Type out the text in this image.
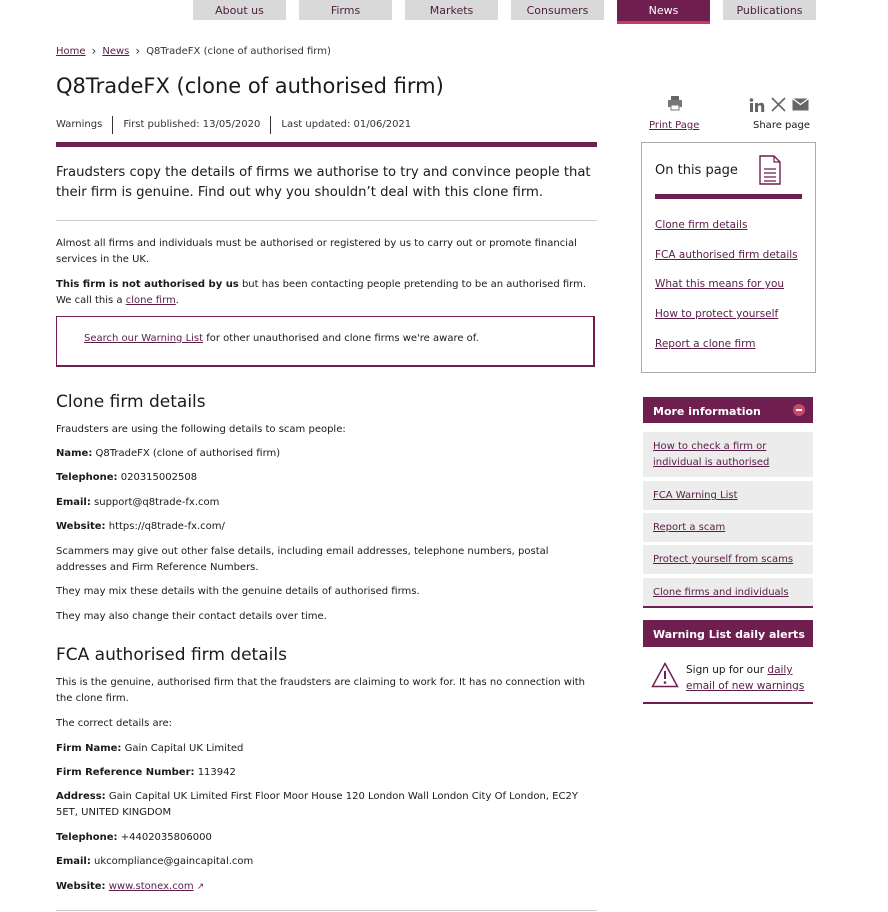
About us	Firms	Markets	Consumers	News	Publications
Home › News › Q8TradeFX (clone of authorised firm)
Q8TradeFX (clone of authorised firm)
Warnings	First published: 13/05/2020	Last updated: 01/06/2021

Fraudsters copy the details of firms we authorise to try and convince people that their firm is genuine. Find out why you shouldn’t deal with this clone firm.

Almost all firms and individuals must be authorised or registered by us to carry out or promote financial services in the UK.

This firm is not authorised by us but has been contacting people pretending to be an authorised firm. We call this a clone firm.

Search our Warning List for other unauthorised and clone firms we're aware of.
Clone firm details

Fraudsters are using the following details to scam people:

Name: Q8TradeFX (clone of authorised firm)

Telephone: 020315002508

Email: support@q8trade-fx.com

Website: https://q8trade-fx.com/

Scammers may give out other false details, including email addresses, telephone numbers, postal addresses and Firm Reference Numbers.

They may mix these details with the genuine details of authorised firms.

They may also change their contact details over time.

FCA authorised firm details

This is the genuine, authorised firm that the fraudsters are claiming to work for. It has no connection with the clone firm.

The correct details are:

Firm Name: Gain Capital UK Limited

Firm Reference Number: 113942

Address: Gain Capital UK Limited First Floor Moor House 120 London Wall London City Of London, EC2Y 5ET, UNITED KINGDOM

Telephone: +4402035806000

Email: ukcompliance@gaincapital.com

Website: www.stonex.com ↗

Print Page	Share page
On this page
Clone firm details
FCA authorised firm details
What this means for you
How to protect yourself
Report a clone firm
More information
How to check a firm or individual is authorised
FCA Warning List
Report a scam
Protect yourself from scams
Clone firms and individuals
Warning List daily alerts
Sign up for our daily email of new warnings
